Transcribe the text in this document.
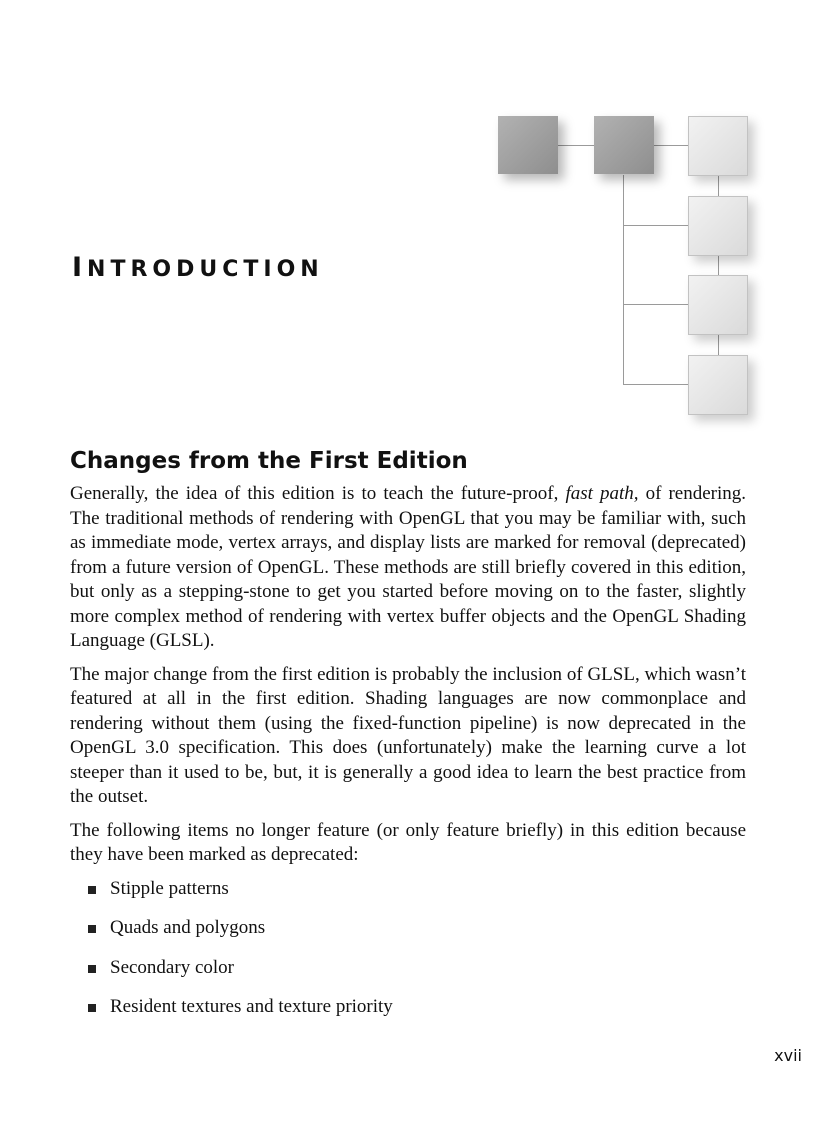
INTRODUCTION
Changes from the First Edition

Generally, the idea of this edition is to teach the future-proof, fast path, of rendering. The traditional methods of rendering with OpenGL that you may be familiar with, such as immediate mode, vertex arrays, and display lists are marked for removal (deprecated) from a future version of OpenGL. These methods are still briefly covered in this edition, but only as a stepping-stone to get you started before moving on to the faster, slightly more complex method of rendering with vertex buffer objects and the OpenGL Shading Language (GLSL).

The major change from the first edition is probably the inclusion of GLSL, which wasn’t featured at all in the first edition. Shading languages are now commonplace and rendering without them (using the fixed-function pipeline) is now deprecated in the OpenGL 3.0 specification. This does (unfortunately) make the learning curve a lot steeper than it used to be, but, it is generally a good idea to learn the best practice from the outset.

The following items no longer feature (or only feature briefly) in this edition because they have been marked as deprecated:

Stipple patterns
Quads and polygons
Secondary color
Resident textures and texture priority
xvii
